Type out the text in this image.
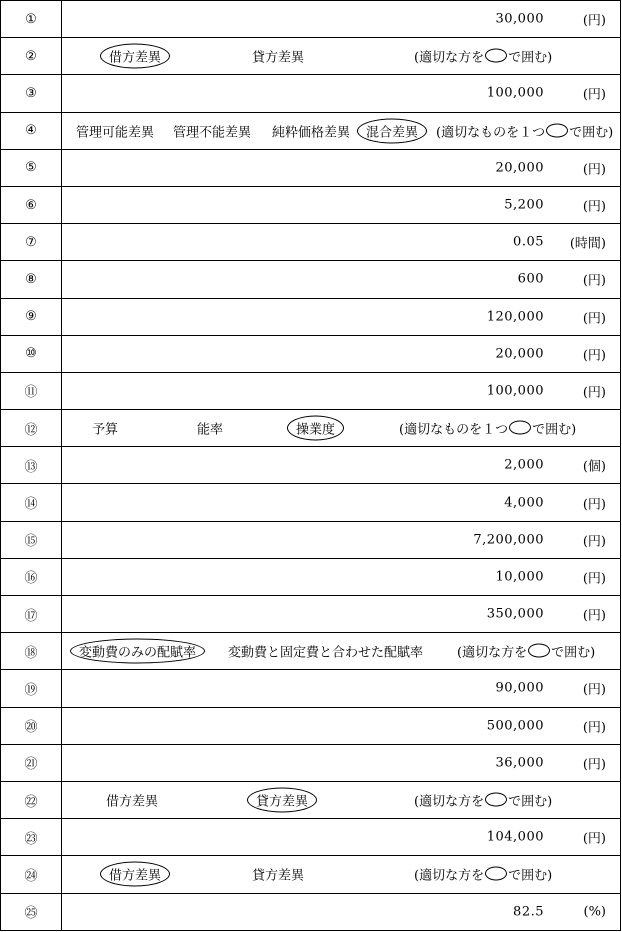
①	30,000 (円)

②	借方差異 貸方差異 (適切な方を○で囲む)

③	100,000 (円)

④	管理可能差異 管理不能差異 純粋価格差異 混合差異 (適切なものを１つ○で囲む)

⑤	20,000 (円)

⑥	5,200 (円)

⑦	0.05 (時間)

⑧	600 (円)

⑨	120,000 (円)

⑩	20,000 (円)

⑪	100,000 (円)

⑫	予算 能率 操業度 (適切なものを１つ○で囲む)

⑬	2,000 (個)

⑭	4,000 (円)

⑮	7,200,000 (円)

⑯	10,000 (円)

⑰	350,000 (円)

⑱	変動費のみの配賦率 変動費と固定費と合わせた配賦率 (適切な方を○で囲む)

⑲	90,000 (円)

⑳	500,000 (円)

㉑	36,000 (円)

㉒	借方差異 貸方差異 (適切な方を○で囲む)

㉓	104,000 (円)

㉔	借方差異 貸方差異 (適切な方を○で囲む)

㉕	82.5 (%)
